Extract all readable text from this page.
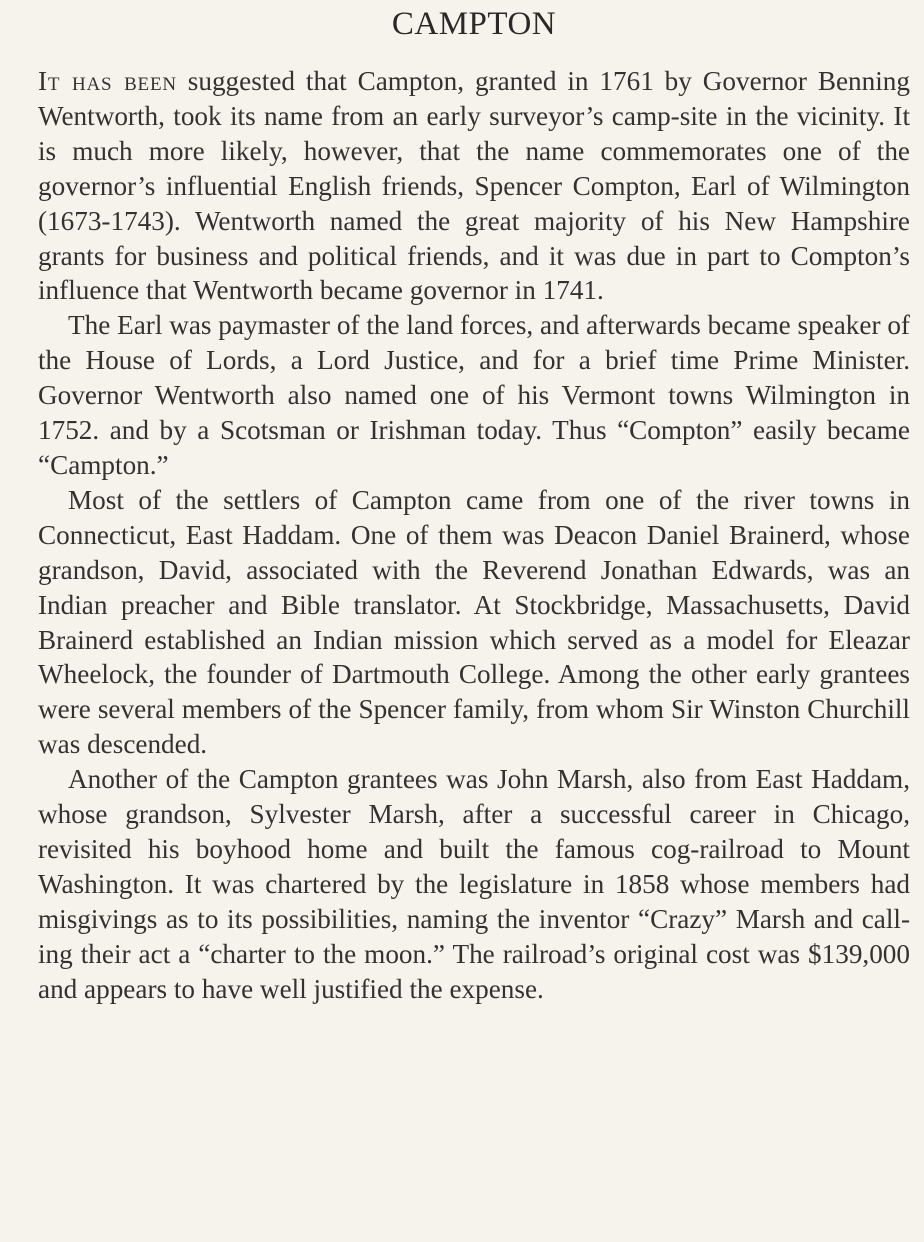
CAMPTON

It has been suggested that Campton, granted in 1761 by Governor Benning Wentworth, took its name from an early surveyor’s camp-site in the vicinity. It is much more likely, however, that the name commemorates one of the governor’s influential English friends, Spencer Compton, Earl of Wilmington (1673-1743). Wentworth named the great majority of his New Hampshire grants for business and political friends, and it was due in part to Compton’s influence that Wentworth became governor in 1741.

The Earl was paymaster of the land forces, and afterwards became speaker of the House of Lords, a Lord Justice, and for a brief time Prime Minister. Governor Wentworth also named one of his Vermont towns Wilmington in 1752. and by a Scotsman or Irishman today. Thus “Compton” easily became “Campton.”

Most of the settlers of Campton came from one of the river towns in Connecticut, East Haddam. One of them was Deacon Daniel Brainerd, whose grandson, David, associated with the Reverend Jonathan Edwards, was an Indian preacher and Bible translator. At Stockbridge, Massachusetts, David Brainerd established an Indian mission which served as a model for Eleazar Wheelock, the founder of Dartmouth College. Among the other early grantees were several members of the Spencer family, from whom Sir Winston Churchill was descended.

Another of the Campton grantees was John Marsh, also from East Haddam, whose grandson, Sylvester Marsh, after a successful career in Chicago, revisited his boyhood home and built the famous cog-railroad to Mount Washington. It was chartered by the legislature in 1858 whose members had misgivings as to its possibilities, naming the inventor “Crazy” Marsh and calling their act a “charter to the moon.” The railroad’s original cost was $139,000 and appears to have well justified the expense.
